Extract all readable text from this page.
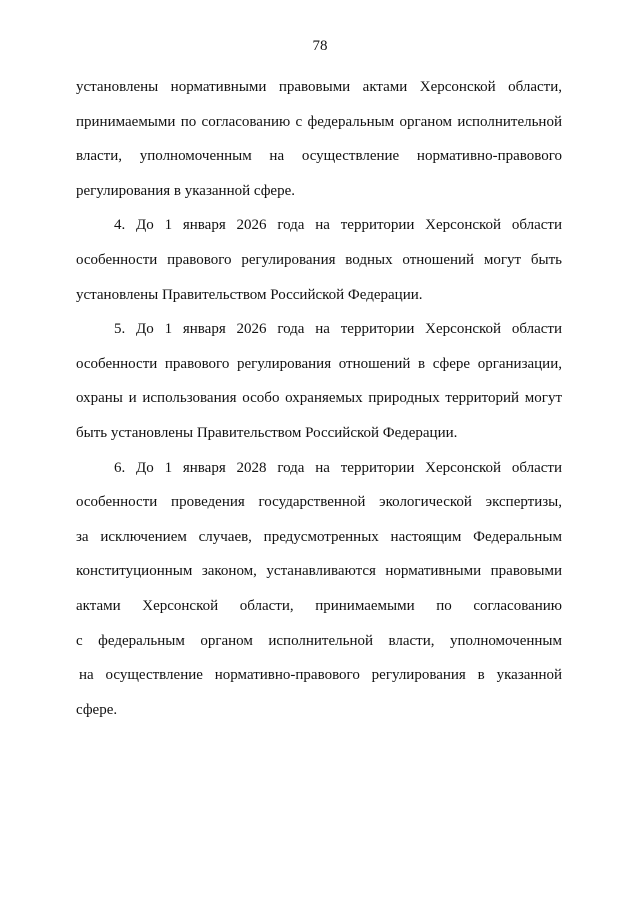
78
установлены нормативными правовыми актами Херсонской области,
принимаемыми по согласованию с федеральным органом исполнительной
власти, уполномоченным на осуществление нормативно-правового
регулирования в указанной сфере.
4. До 1 января 2026 года на территории Херсонской области
особенности правового регулирования водных отношений могут быть
установлены Правительством Российской Федерации.
5. До 1 января 2026 года на территории Херсонской области
особенности правового регулирования отношений в сфере организации,
охраны и использования особо охраняемых природных территорий могут
быть установлены Правительством Российской Федерации.
6. До 1 января 2028 года на территории Херсонской области
особенности проведения государственной экологической экспертизы,
за исключением случаев, предусмотренных настоящим Федеральным
конституционным законом, устанавливаются нормативными правовыми
актами Херсонской области, принимаемыми по согласованию
с федеральным органом исполнительной власти, уполномоченным
на осуществление нормативно-правового регулирования в указанной
сфере.
